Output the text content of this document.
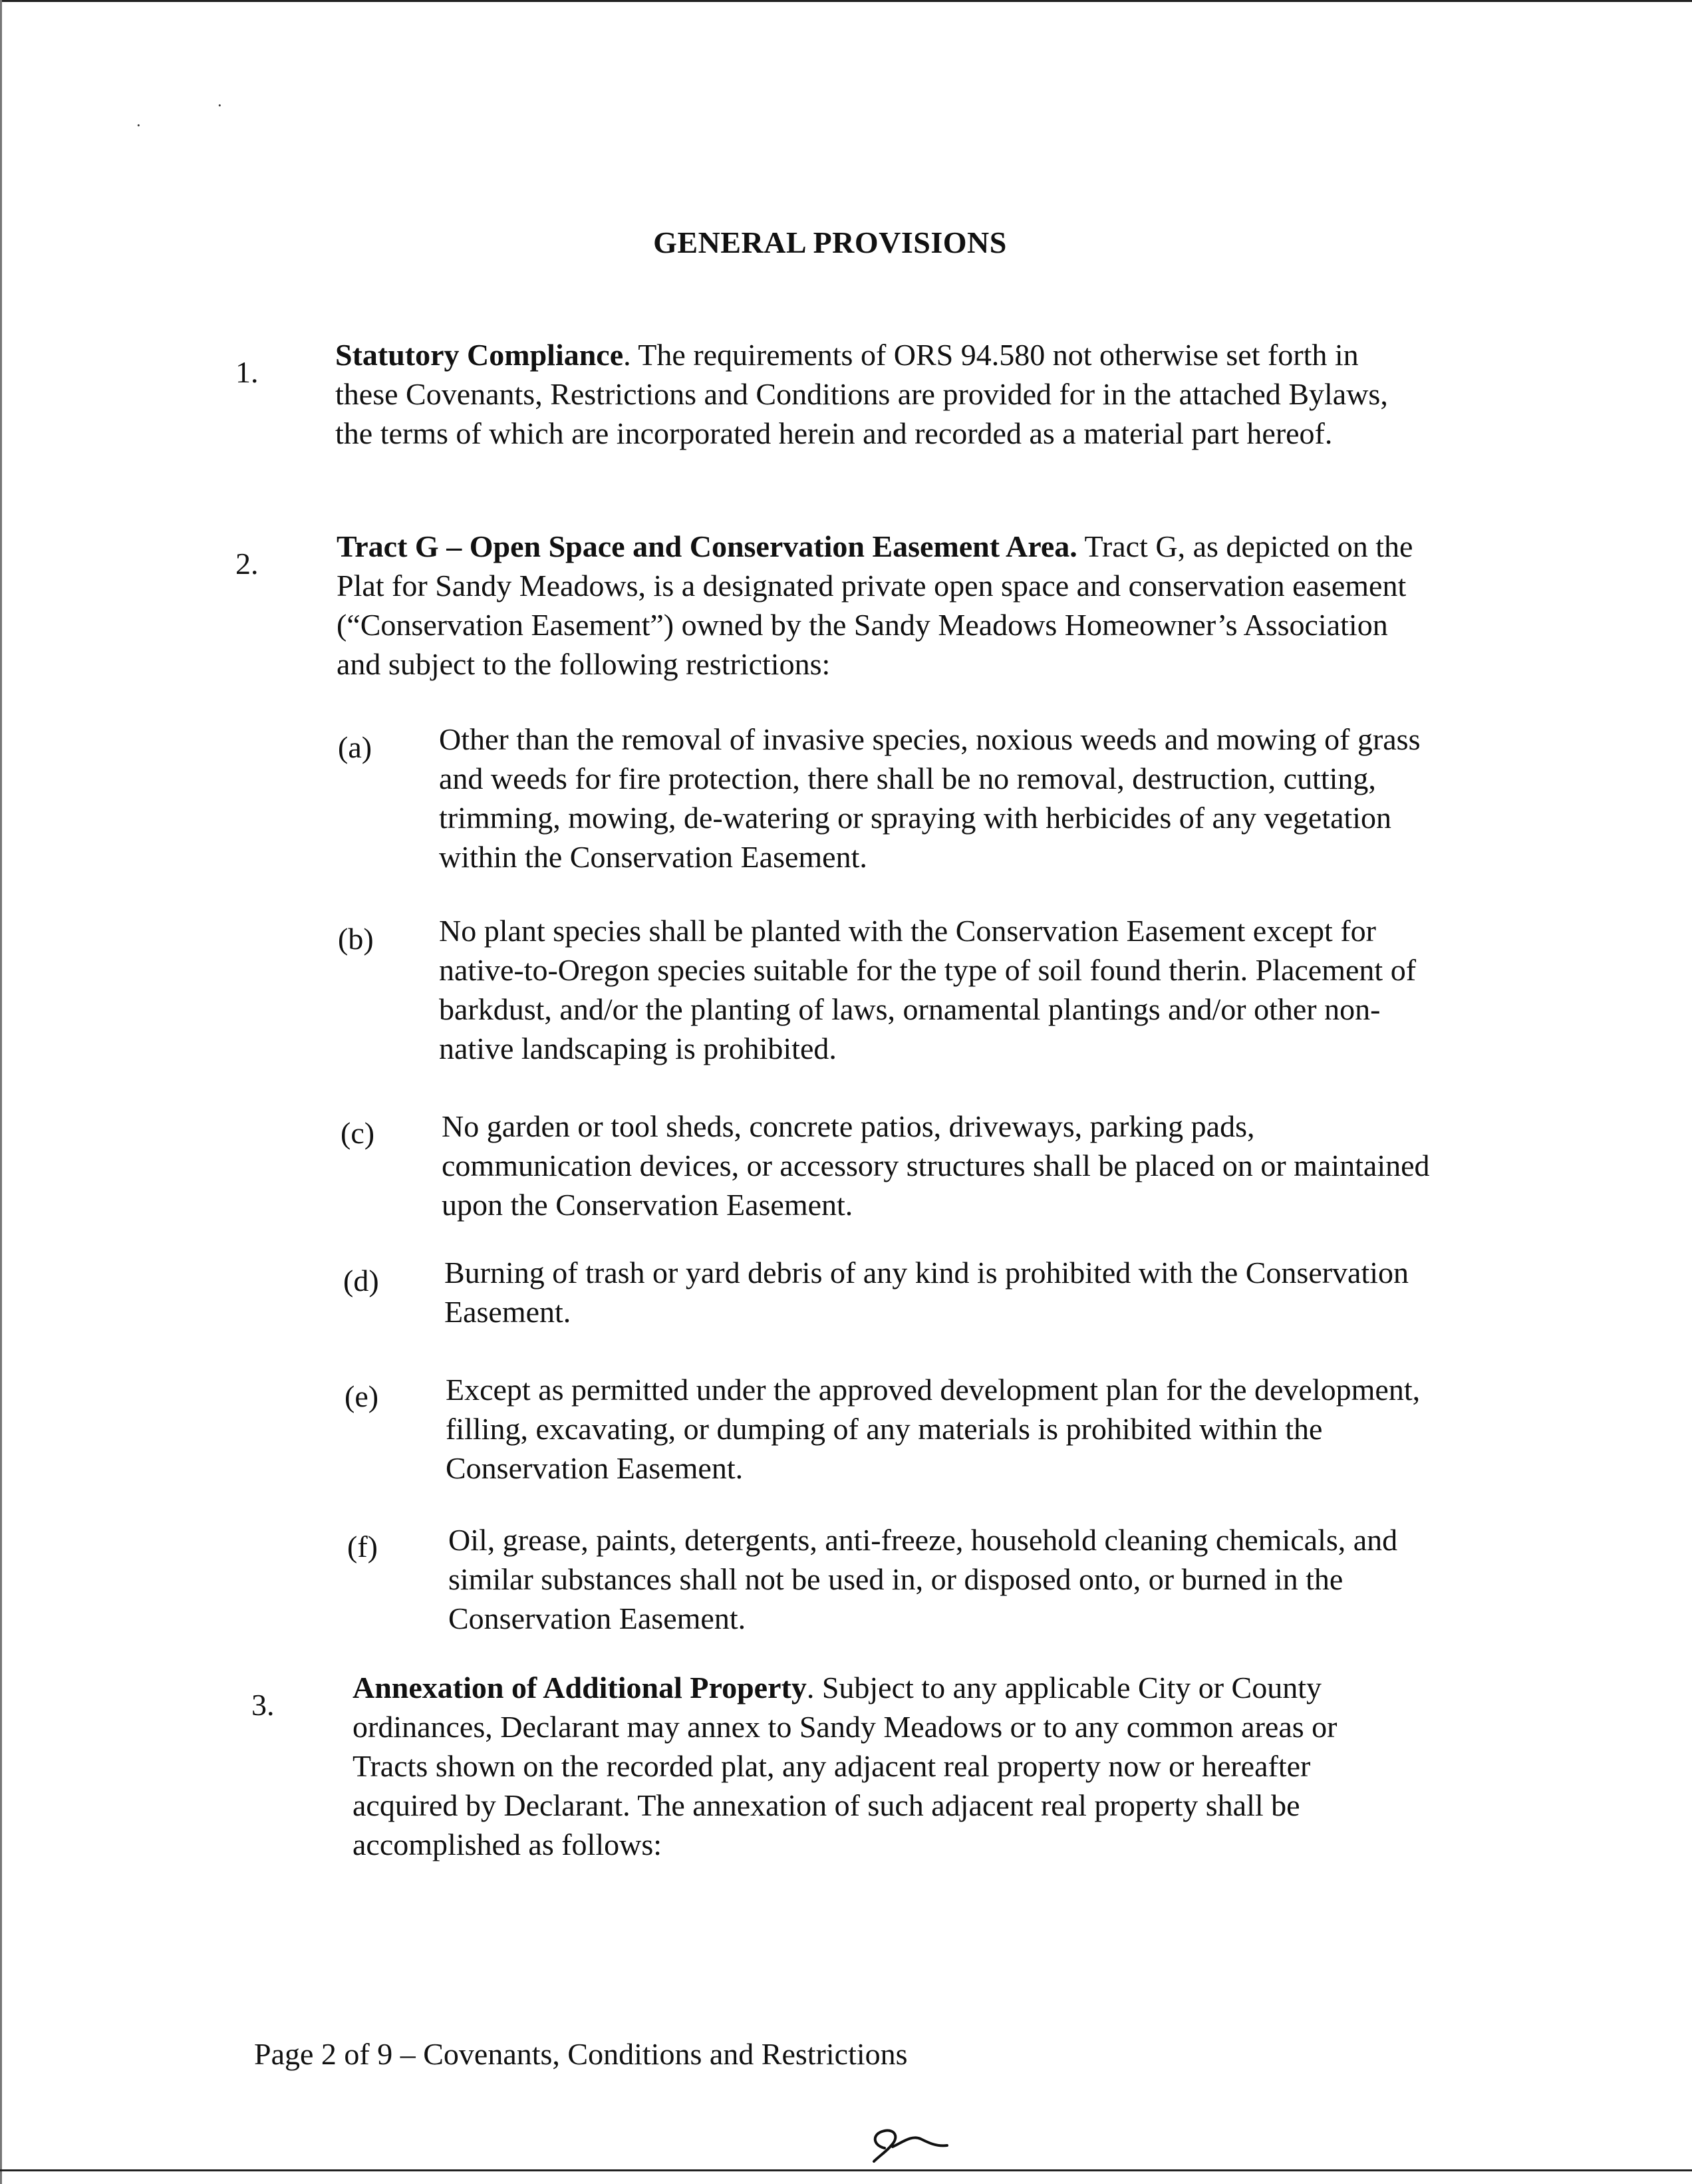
·
·
GENERAL PROVISIONS
1.
Statutory Compliance. The requirements of ORS 94.580 not otherwise set forth in these Covenants, Restrictions and Conditions are provided for in the attached Bylaws, the terms of which are incorporated herein and recorded as a material part hereof.
2.
Tract G – Open Space and Conservation Easement Area. Tract G, as depicted on the Plat for Sandy Meadows, is a designated private open space and conservation easement (“Conservation Easement”) owned by the Sandy Meadows Homeowner’s Association and subject to the following restrictions:
(a) Other than the removal of invasive species, noxious weeds and mowing of grass and weeds for fire protection, there shall be no removal, destruction, cutting, trimming, mowing, de-watering or spraying with herbicides of any vegetation within the Conservation Easement.
(b) No plant species shall be planted with the Conservation Easement except for native-to-Oregon species suitable for the type of soil found therin. Placement of barkdust, and/or the planting of laws, ornamental plantings and/or other non-native landscaping is prohibited.
(c) No garden or tool sheds, concrete patios, driveways, parking pads, communication devices, or accessory structures shall be placed on or maintained upon the Conservation Easement.
(d) Burning of trash or yard debris of any kind is prohibited with the Conservation Easement.
(e) Except as permitted under the approved development plan for the development, filling, excavating, or dumping of any materials is prohibited within the Conservation Easement.
(f) Oil, grease, paints, detergents, anti-freeze, household cleaning chemicals, and similar substances shall not be used in, or disposed onto, or burned in the Conservation Easement.
3.
Annexation of Additional Property. Subject to any applicable City or County ordinances, Declarant may annex to Sandy Meadows or to any common areas or Tracts shown on the recorded plat, any adjacent real property now or hereafter acquired by Declarant. The annexation of such adjacent real property shall be accomplished as follows:
Page 2 of 9 – Covenants, Conditions and Restrictions
